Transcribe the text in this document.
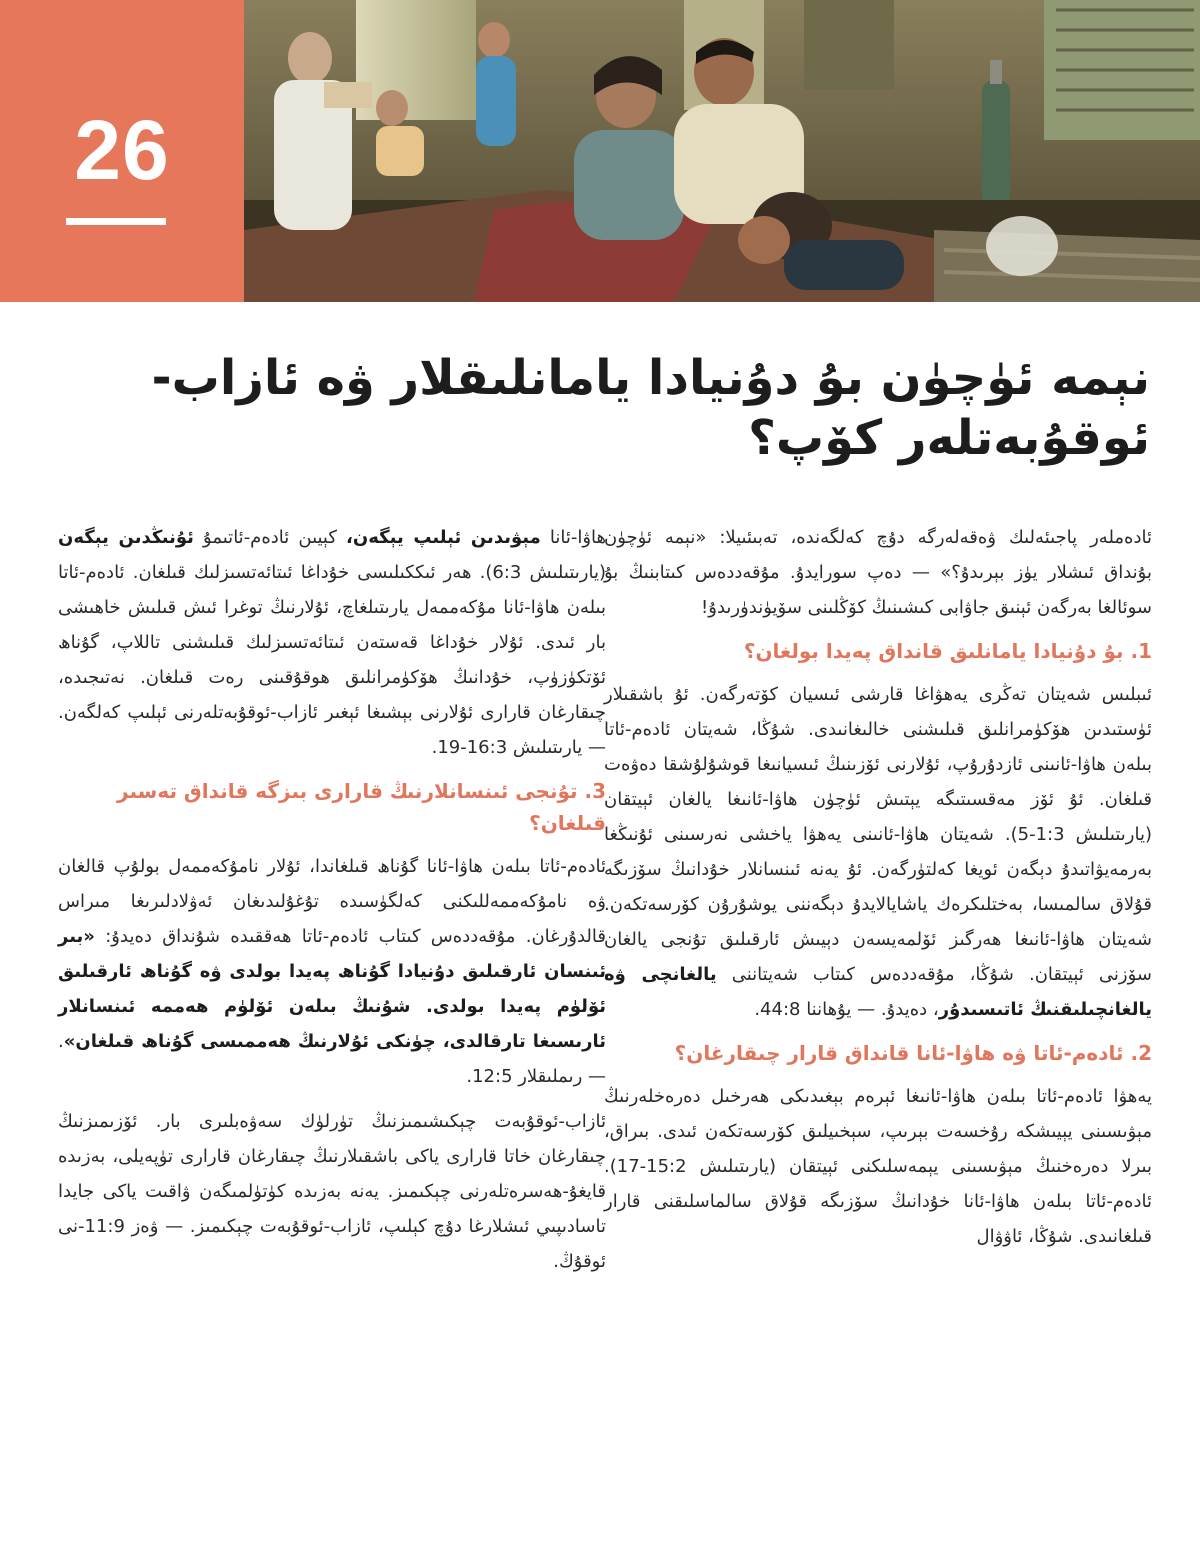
26
نېمە ئۈچۈن بۇ دۇنيادا يامانلىقلار ۋە ئازاب-ئوقۇبەتلەر كۆپ؟

ئادەملەر پاجىئەلىك ۋەقەلەرگە دۇچ كەلگەندە، تەبىئىيلا: «نېمە ئۈچۈن بۇنداق ئىشلار يۈز بېرىدۇ؟» — دەپ سورايدۇ. مۇقەددەس كىتابنىڭ بۇ سوئالغا بەرگەن ئېنىق جاۋابى كىشىنىڭ كۆڭلىنى سۆيۈندۈرىدۇ!

1. بۇ دۇنيادا يامانلىق قانداق پەيدا بولغان؟

ئىبلىس شەيتان تەڭرى يەھۋاغا قارشى ئىسيان كۆتەرگەن. ئۇ باشقىلار ئۈستىدىن ھۆكۈمرانلىق قىلىشنى خالىغانىدى. شۇڭا، شەيتان ئادەم-ئاتا بىلەن ھاۋا-ئانىنى ئازدۇرۇپ، ئۇلارنى ئۆزىنىڭ ئىسيانىغا قوشۇلۇشقا دەۋەت قىلغان. ئۇ ئۆز مەقسىتىگە يېتىش ئۈچۈن ھاۋا-ئانىغا يالغان ئېيتقان (يارىتىلىش 1:3-5). شەيتان ھاۋا-ئانىنى يەھۋا ياخشى نەرسىنى ئۇنىڭغا بەرمەيۋاتىدۇ دېگەن ئويغا كەلتۈرگەن. ئۇ يەنە ئىنسانلار خۇدانىڭ سۆزىگە قۇلاق سالمىسا، بەختلىكرەك ياشايالايدۇ دېگەننى يوشۇرۇن كۆرسەتكەن. شەيتان ھاۋا-ئانىغا ھەرگىز ئۆلمەيسەن دېيىش ئارقىلىق تۇنجى يالغان سۆزنى ئېيتقان. شۇڭا، مۇقەددەس كىتاب شەيتاننى يالغانچى ۋە يالغانچىلىقنىڭ ئاتىسىدۇر، دەيدۇ. — يۇھاننا 44:8.

2. ئادەم-ئاتا ۋە ھاۋا-ئانا قانداق قارار چىقارغان؟

يەھۋا ئادەم-ئاتا بىلەن ھاۋا-ئانىغا ئېرەم بېغىدىكى ھەرخىل دەرەخلەرنىڭ مېۋىسىنى يېيىشكە رۇخسەت بېرىپ، سېخىيلىق كۆرسەتكەن ئىدى. بىراق، بىرلا دەرەخنىڭ مېۋىسىنى يېمەسلىكنى ئېيتقان (يارىتىلىش 15:2-17). ئادەم-ئاتا بىلەن ھاۋا-ئانا خۇدانىڭ سۆزىگە قۇلاق سالماسلىقنى قارار قىلغانىدى. شۇڭا، ئاۋۋال

ھاۋا-ئانا مېۋىدىن ئېلىپ يېگەن، كېيىن ئادەم-ئاتىمۇ ئۇنىڭدىن يېگەن (يارىتىلىش 6:3). ھەر ئىككىلىسى خۇداغا ئىتائەتسىزلىك قىلغان. ئادەم-ئاتا بىلەن ھاۋا-ئانا مۇكەممەل يارىتىلغاچ، ئۇلارنىڭ توغرا ئىش قىلىش خاھىشى بار ئىدى. ئۇلار خۇداغا قەستەن ئىتائەتسىزلىك قىلىشنى تاللاپ، گۇناھ ئۆتكۈزۈپ، خۇدانىڭ ھۆكۈمرانلىق ھوقۇقىنى رەت قىلغان. نەتىجىدە، چىقارغان قارارى ئۇلارنى بېشىغا ئېغىر ئازاب-ئوقۇبەتلەرنى ئېلىپ كەلگەن. — يارىتىلىش 16:3-19.

3. تۇنجى ئىنسانلارنىڭ قارارى بىزگە قانداق تەسىر قىلغان؟

ئادەم-ئاتا بىلەن ھاۋا-ئانا گۇناھ قىلغاندا، ئۇلار نامۇكەممەل بولۇپ قالغان ۋە نامۇكەممەللىكنى كەلگۈسىدە تۇغۇلىدىغان ئەۋلادلىرىغا مىراس قالدۇرغان. مۇقەددەس كىتاب ئادەم-ئاتا ھەققىدە شۇنداق دەيدۇ: «بىر ئىنسان ئارقىلىق دۇنيادا گۇناھ پەيدا بولدى ۋە گۇناھ ئارقىلىق ئۆلۈم پەيدا بولدى. شۇنىڭ بىلەن ئۆلۈم ھەممە ئىنسانلار ئارىسىغا تارقالدى، چۈنكى ئۇلارنىڭ ھەممىسى گۇناھ قىلغان». — رىملىقلار 12:5.

ئازاب-ئوقۇبەت چېكىشىمىزنىڭ تۈرلۈك سەۋەبلىرى بار. ئۆزىمىزنىڭ چىقارغان خاتا قارارى ياكى باشقىلارنىڭ چىقارغان قارارى تۈپەيلى، بەزىدە قايغۇ-ھەسرەتلەرنى چېكىمىز. يەنە بەزىدە كۈتۈلمىگەن ۋاقىت ياكى جايدا تاسادىپىي ئىشلارغا دۇچ كېلىپ، ئازاب-ئوقۇبەت چېكىمىز. — ۋەز 11:9-نى ئوقۇڭ.
